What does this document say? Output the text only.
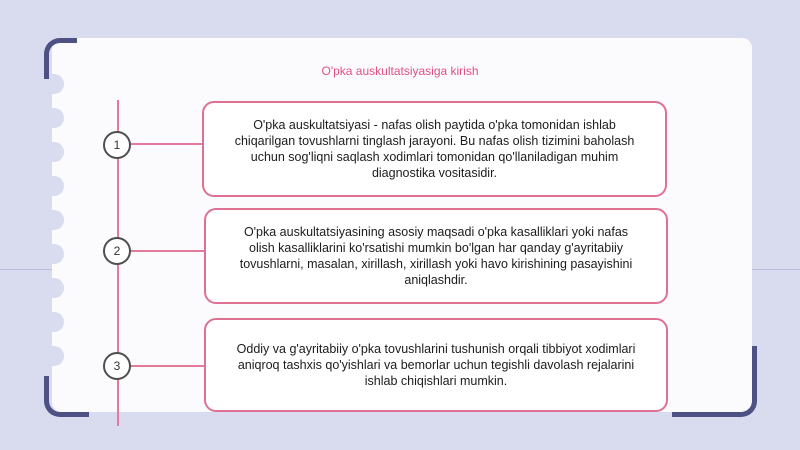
O'pka auskultatsiyasiga kirish
1
2
3
O'pka auskultatsiyasi - nafas olish paytida o'pka tomonidan ishlab chiqarilgan tovushlarni tinglash jarayoni. Bu nafas olish tizimini baholash uchun sog'liqni saqlash xodimlari tomonidan qo'llaniladigan muhim diagnostika vositasidir.
O'pka auskultatsiyasining asosiy maqsadi o'pka kasalliklari yoki nafas olish kasalliklarini ko'rsatishi mumkin bo'lgan har qanday g'ayritabiiy tovushlarni, masalan, xirillash, xirillash yoki havo kirishining pasayishini aniqlashdir.
Oddiy va g'ayritabiiy o'pka tovushlarini tushunish orqali tibbiyot xodimlari aniqroq tashxis qo'yishlari va bemorlar uchun tegishli davolash rejalarini ishlab chiqishlari mumkin.
